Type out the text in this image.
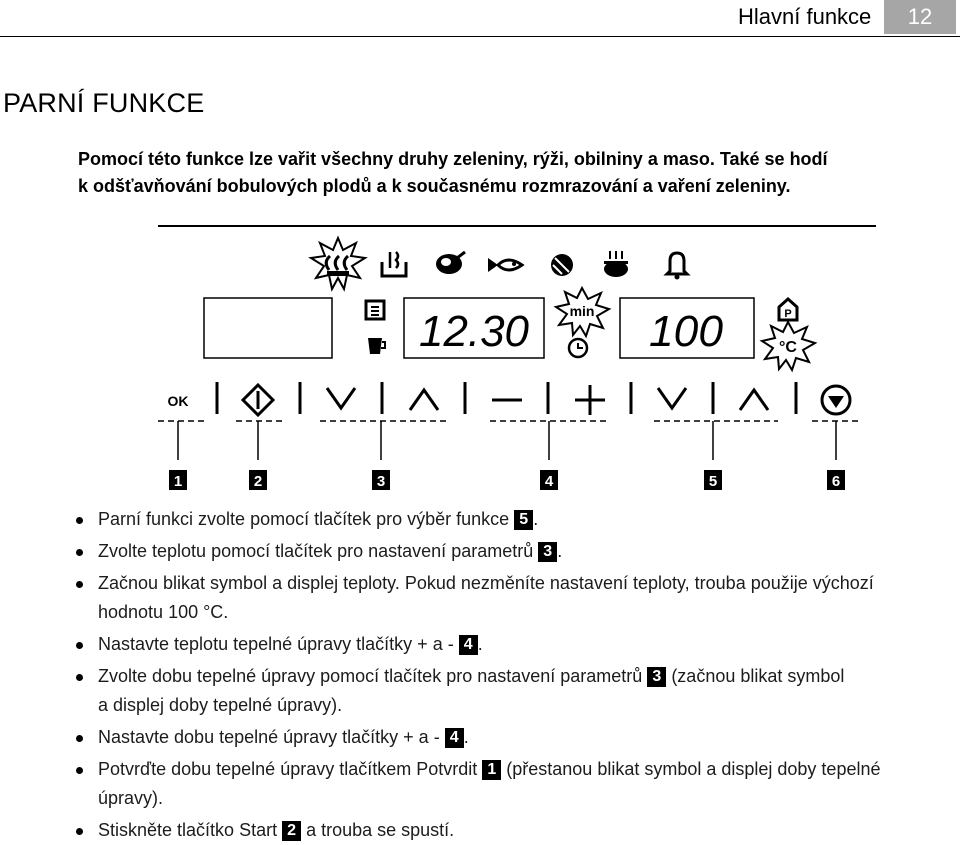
Hlavní funkce	12
PARNÍ FUNKCE
Pomocí této funkce lze vařit všechny druhy zeleniny, rýži, obilniny a maso. Také se hodí
k odšťavňování bobulových plodů a k současnému rozmrazování a vaření zeleniny.
12.30	min 100	P
°C
OK
1	2	3	4	5	6
Parní funkci zvolte pomocí tlačítek pro výběr funkce 5 .
Zvolte teplotu pomocí tlačítek pro nastavení parametrů 3 .
Začnou blikat symbol a displej teploty. Pokud nezměníte nastavení teploty, trouba použije výchozí
hodnotu 100 °C.
Nastavte teplotu tepelné úpravy tlačítky + a - 4 .
Zvolte dobu tepelné úpravy pomocí tlačítek pro nastavení parametrů 3 (začnou blikat symbol
a displej doby tepelné úpravy).
Nastavte dobu tepelné úpravy tlačítky + a - 4 .
Potvrďte dobu tepelné úpravy tlačítkem Potvrdit 1 (přestanou blikat symbol a displej doby tepelné
úpravy).
Stiskněte tlačítko Start 2 a trouba se spustí.
